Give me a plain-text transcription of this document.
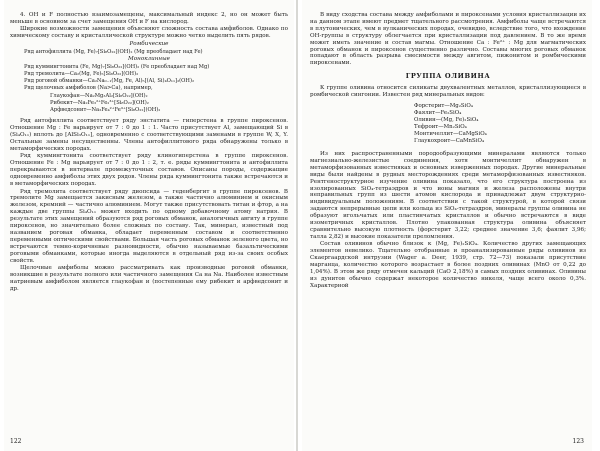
4. OH и F полностью взаимозамещены, максимальный индекс 2, но он может быть меньше в основном за счет замещения OH и F на кислород.

Широкие возможности замещения объясняют сложность состава амфиболов. Однако по химическому составу и кристаллической структуре можно четко выделить пять рядов.

Ромбические

Ряд антофиллита (Mg, Fe)₇[Si₈O₂₂](OH)₂ (Mg преобладает над Fe)

Моноклинные

Ряд куммингтонита (Fe, Mg)₇[Si₈O₂₂](OH)₂ (Fe преобладает над Mg)

Ряд тремолита—Ca₂(Mg, Fe)₅[Si₈O₂₂](OH)₂

Ряд роговой обманки—Ca₂Na₀₋₁(Mg, Fe, Al)₅[(Al, Si)₄O₁₁]₂(OH)₂

Ряд щелочных амфиболов (Na>Ca), например,

Глаукофан—Na₂Mg₃Al₂[Si₈O₂₂](OH)₂

Рибекит—Na₂Fe₃²⁺Fe₂³⁺[Si₈O₂₂](OH)₂

Арфведсонит—Na₃Fe₄²⁺Fe³⁺[Si₈O₂₂](OH)₂

Ряд антофиллита соответствует ряду энстатита — гиперстена в группе пироксенов. Отношение Mg : Fe варьирует от 7 : 0 до 1 : 1. Часто присутствует Al, замещающий Si в (Si₄O₁₁) вплоть до [AlSi₃O₁₁], одновременно с соответствующими заменами в группе W, X, Y. Остальные замены несущественны. Члены антофиллитового ряда обнаружены только в метаморфических породах.

Ряд куммингтонита соответствует ряду клиногиперстена в группе пироксенов. Отношение Fe : Mg варьирует от 7 : 0 до 1 : 2, т. е. ряды куммингтонита и антофиллита перекрываются в интервале промежуточных составов. Описаны породы, содержащие одновременно амфиболы этих двух рядов. Члены ряда куммингтонита также встречаются и в метаморфических породах.

Ряд тремолита соответствует ряду диопсида — геденбергит в группе пироксенов. В тремолите Mg замещается закисным железом, а также частично алюминием и окисным железом, кремний — частично алюминием. Могут также присутствовать титан и фтор, а на каждые две группы Si₄O₁₁ может входить по одному добавочному атому натрия. В результате этих замещений образуются ряд роговых обманок, аналогичных авгиту в группе пироксенов, но значительно более сложных по составу. Так, минерал, известный под названием роговая обманка, обладает переменным составом и соответственно переменными оптическими свойствами. Большая часть роговых обманок зеленого цвета, но встречаются темно-коричневые разновидности, обычно называемые базальтическими роговыми обманками, которые иногда выделяются в отдельный ряд из-за своих особых свойств.

Щелочные амфиболы можно рассматривать как производные роговой обманки, возникшие в результате полного или частичного замещения Ca на Na. Наиболее известным натриевым амфиболом является глаукофан и (постепенные ему рибекит и арфведсонит и др.

122

В виду сходства состава между амфиболами и пироксенами условия кристаллизации их на данном этапе имеют предмет тщательного рассмотрения. Амфиболы чаще встречаются в плутонических, чем в вулканических породах, очевидно, вследствие того, что вхождение OH-группы в структуру облегчается при кристаллизации под давлением. В то же время может иметь значение и состав магмы. Отношение Ca : Fe²⁺ : Mg для магматических роговых обманок и пироксенов существенно различно. Составы многих роговых обманок попадают в область разрыва смесимости между авгитом, пижонитом и ромбическими пироксенами.

ГРУППА ОЛИВИНА

К группе оливина относится силикаты двухвалентных металлов, кристаллизующиеся в ромбической сингонии. Известен ряд минеральных видов:

Форстерит—Mg₂SiO₄
Фаялит—Fe₂SiO₄
Оливин—(Mg, Fe)₂SiO₄
Тефроит—Mn₂SiO₄
Монтичеллит—CaMgSiO₄
Глаукохроит—CaMnSiO₄

Из них распространенными породообразующими минералами являются только магнезиально-железистые соединения, хотя монтичеллит обнаружен в метаморфизованных известняках и основных изверженных породах. Другие минеральные виды были найдены в рудных месторождениях среди метаморфизованных известняков. Рентгеноструктурное изучение оливина показало, что его структура построена из изолированных SiO₄-тетраэдров и что ионы магния и железа расположены внутри неправильных групп из шести атомов кислорода и принадлежат двум структурно-индивидуальным положениям. В соответствии с такой структурой, в которой связи задаются непрерывные цепи или кольца из SiO₄-тетраэдров, минералы группы оливина не образуют игольчатых или пластинчатых кристаллов и обычно встречаются в виде изометричных кристаллов. Плотно упакованная структура оливина объясняет сравнительно высокую плотность (форстерит 3,22; среднее значение 3,6; фаялит 3,96; талла 2,82) и высокие показатели преломления.

Состав оливинов обычно близок к (Mg, Fe)₂SiO₄. Количество других замещающих элементов невелико. Тщательно отобранные и проанализированные ряды оливинов из Скаергаардской интрузии (Wager a. Deer, 1939, стр. 72—73) показали присутствие марганца, количество которого возрастает в более поздних оливинах (MnO от 0,22 до 1,04%). В этом же ряду отмечен кальций (CaO 2,18%) в самых поздних оливинах. Оливины из дунитов обычно содержат некоторое количество никеля, чаще всего около 0,3%. Характерной

123
